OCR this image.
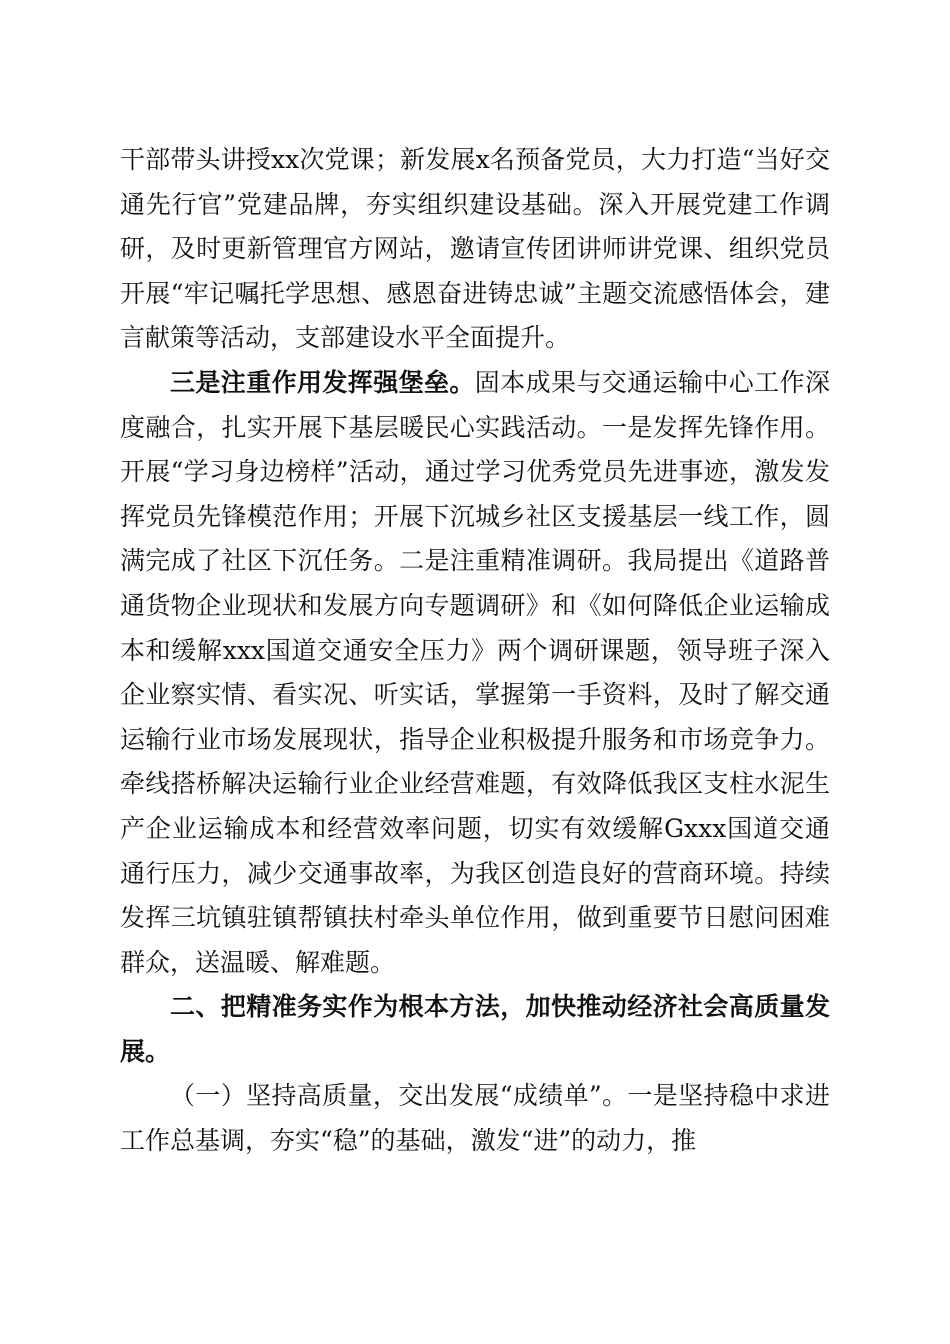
干部带头讲授xx次党课；新发展x名预备党员，大力打造“当好交通先行官”党建品牌，夯实组织建设基础。深入开展党建工作调研，及时更新管理官方网站，邀请宣传团讲师讲党课、组织党员开展“牢记嘱托学思想、感恩奋进铸忠诚”主题交流感悟体会，建言献策等活动，支部建设水平全面提升。

三是注重作用发挥强堡垒。固本成果与交通运输中心工作深度融合，扎实开展下基层暖民心实践活动。一是发挥先锋作用。开展“学习身边榜样”活动，通过学习优秀党员先进事迹，激发发挥党员先锋模范作用；开展下沉城乡社区支援基层一线工作，圆满完成了社区下沉任务。二是注重精准调研。我局提出《道路普通货物企业现状和发展方向专题调研》和《如何降低企业运输成本和缓解xxx国道交通安全压力》两个调研课题，领导班子深入企业察实情、看实况、听实话，掌握第一手资料，及时了解交通运输行业市场发展现状，指导企业积极提升服务和市场竞争力。牵线搭桥解决运输行业企业经营难题，有效降低我区支柱水泥生产企业运输成本和经营效率问题，切实有效缓解Gxxx国道交通通行压力，减少交通事故率，为我区创造良好的营商环境。持续发挥三坑镇驻镇帮镇扶村牵头单位作用，做到重要节日慰问困难群众，送温暖、解难题。

二、把精准务实作为根本方法，加快推动经济社会高质量发展。

（一）坚持高质量，交出发展“成绩单”。一是坚持稳中求进工作总基调，夯实“稳”的基础，激发“进”的动力，推
